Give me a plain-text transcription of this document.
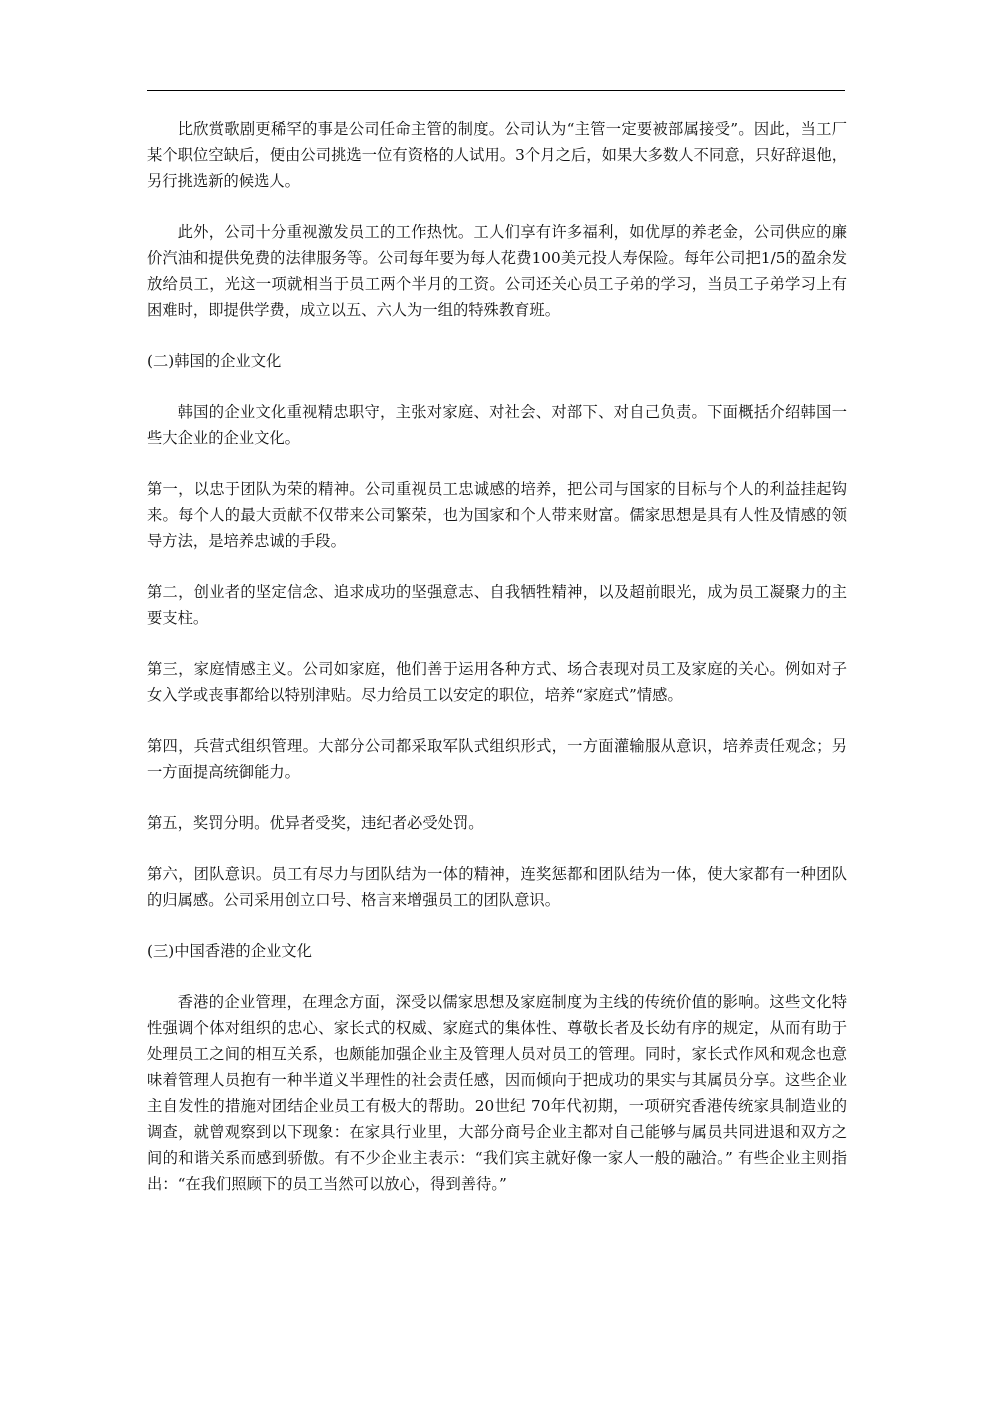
比欣赏歌剧更稀罕的事是公司任命主管的制度。公司认为“主管一定要被部属接受”。因此，当工厂某个职位空缺后，便由公司挑选一位有资格的人试用。3个月之后，如果大多数人不同意，只好辞退他，另行挑选新的候选人。

此外，公司十分重视激发员工的工作热忱。工人们享有许多福利，如优厚的养老金，公司供应的廉价汽油和提供免费的法律服务等。公司每年要为每人花费100美元投人寿保险。每年公司把1/5的盈余发放给员工，光这一项就相当于员工两个半月的工资。公司还关心员工子弟的学习，当员工子弟学习上有困难时，即提供学费，成立以五、六人为一组的特殊教育班。

(二)韩国的企业文化

韩国的企业文化重视精忠职守，主张对家庭、对社会、对部下、对自己负责。下面概括介绍韩国一些大企业的企业文化。

第一，以忠于团队为荣的精神。公司重视员工忠诚感的培养，把公司与国家的目标与个人的利益挂起钩来。每个人的最大贡献不仅带来公司繁荣，也为国家和个人带来财富。儒家思想是具有人性及情感的领导方法，是培养忠诚的手段。

第二，创业者的坚定信念、追求成功的坚强意志、自我牺牲精神，以及超前眼光，成为员工凝聚力的主要支柱。

第三，家庭情感主义。公司如家庭，他们善于运用各种方式、场合表现对员工及家庭的关心。例如对子女入学或丧事都给以特别津贴。尽力给员工以安定的职位，培养“家庭式”情感。

第四，兵营式组织管理。大部分公司都采取军队式组织形式，一方面灌输服从意识，培养责任观念；另一方面提高统御能力。

第五，奖罚分明。优异者受奖，违纪者必受处罚。

第六，团队意识。员工有尽力与团队结为一体的精神，连奖惩都和团队结为一体，使大家都有一种团队的归属感。公司采用创立口号、格言来增强员工的团队意识。

(三)中国香港的企业文化

香港的企业管理，在理念方面，深受以儒家思想及家庭制度为主线的传统价值的影响。这些文化特性强调个体对组织的忠心、家长式的权威、家庭式的集体性、尊敬长者及长幼有序的规定，从而有助于处理员工之间的相互关系，也颇能加强企业主及管理人员对员工的管理。同时，家长式作风和观念也意味着管理人员抱有一种半道义半理性的社会责任感，因而倾向于把成功的果实与其属员分享。这些企业主自发性的措施对团结企业员工有极大的帮助。20世纪 70年代初期，一项研究香港传统家具制造业的调查，就曾观察到以下现象：在家具行业里，大部分商号企业主都对自己能够与属员共同进退和双方之间的和谐关系而感到骄傲。有不少企业主表示：“我们宾主就好像一家人一般的融洽。” 有些企业主则指出：“在我们照顾下的员工当然可以放心，得到善待。”
